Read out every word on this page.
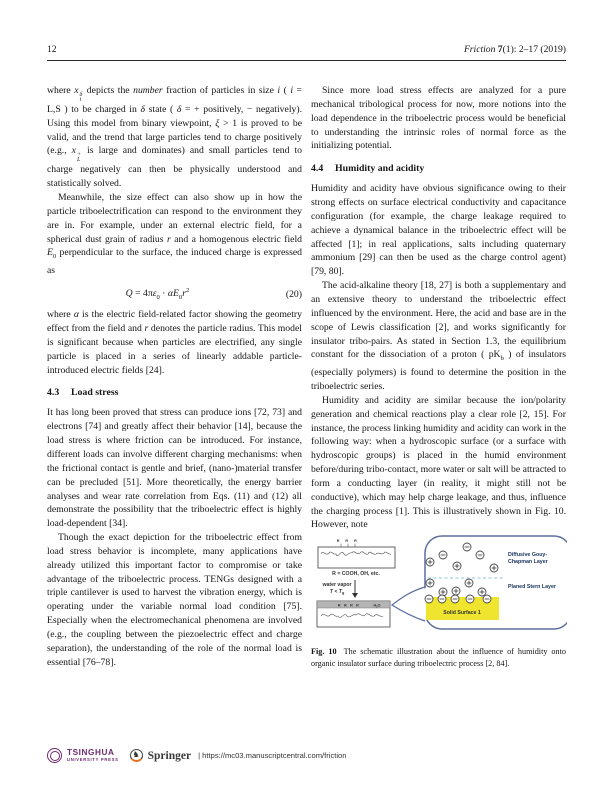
12	Friction 7(1): 2–17 (2019)

where x δ
i
depicts the number fraction of particles in size i ( i = L,S ) to be charged in δ state ( δ = + positively, − negatively). Using this model from binary viewpoint, ξ > 1 is proved to be valid, and the trend that large particles tend to charge positively (e.g., x +
L
is large and dominates) and small particles tend to charge negatively can then be physically understood and statistically solved.

Meanwhile, the size effect can also show up in how the particle triboelectrification can respond to the environment they are in. For example, under an external electric field, for a spherical dust grain of radius r and a homogenous electric field $E_0$ perpendicular to the surface, the induced charge is expressed as

$Q = 4\pi\varepsilon_0 \cdot \alpha E_0r^2$	(20)

where α is the electric field-related factor showing the geometry effect from the field and r denotes the particle radius. This model is significant because when particles are electrified, any single particle is placed in a series of linearly addable particle-introduced electric fields [24].

4.3 Load stress

It has long been proved that stress can produce ions [72, 73] and electrons [74] and greatly affect their behavior [14], because the load stress is where friction can be introduced. For instance, different loads can involve different charging mechanisms: when the frictional contact is gentle and brief, (nano-)material transfer can be precluded [51]. More theoretically, the energy barrier analyses and wear rate correlation from Eqs. (11) and (12) all demonstrate the possibility that the triboelectric effect is highly load-dependent [34].

Though the exact depiction for the triboelectric effect from load stress behavior is incomplete, many applications have already utilized this important factor to compromise or take advantage of the triboelectric process. TENGs designed with a triple cantilever is used to harvest the vibration energy, which is operating under the variable normal load condition [75]. Especially when the electromechanical phenomena are involved (e.g., the coupling between the piezoelectric effect and charge separation), the understanding of the role of the normal load is essential [76–78].

Since more load stress effects are analyzed for a pure mechanical tribological process for now, more notions into the load dependence in the triboelectric process would be beneficial to understanding the intrinsic roles of normal force as the initializing potential.

4.4 Humidity and acidity

Humidity and acidity have obvious significance owing to their strong effects on surface electrical conductivity and capacitance configuration (for example, the charge leakage required to achieve a dynamical balance in the triboelectric effect will be affected [1]; in real applications, salts including quaternary ammonium [29] can then be used as the charge control agent) [79, 80].

The acid-alkaline theory [18, 27] is both a supplementary and an extensive theory to understand the triboelectric effect influenced by the environment. Here, the acid and base are in the scope of Lewis classification [2], and works significantly for insulator tribo-pairs. As stated in Section 1.3, the equilibrium constant for the dissociation of a proton ( $pK_b$ ) of insulators (especially polymers) is found to determine the position in the triboelectric series.

Humidity and acidity are similar because the ion/polarity generation and chemical reactions play a clear role [2, 15]. For instance, the process linking humidity and acidity can work in the following way: when a hydroscopic surface (or a surface with hydroscopic groups) is placed in the humid environment before/during tribo-contact, more water or salt will be attracted to form a conducting layer (in reality, it might still not be conductive), which may help charge leakage, and thus, influence the charging process [1]. This is illustratively shown in Fig. 10. However, note

R R R
R = COOH, OH, etc.
water vapor
T < Tg
R R R R	$H_2O$
Diffusive Gouy-
Chapman Layer
Planed Stern Layer
Solid Surface 1
Fig. 10 The schematic illustration about the influence of humidity onto organic insulator surface during triboelectric process [2, 84].
TSINGHUA
UNIVERSITY PRESS
♞ Springer | https://mc03.manuscriptcentral.com/friction
